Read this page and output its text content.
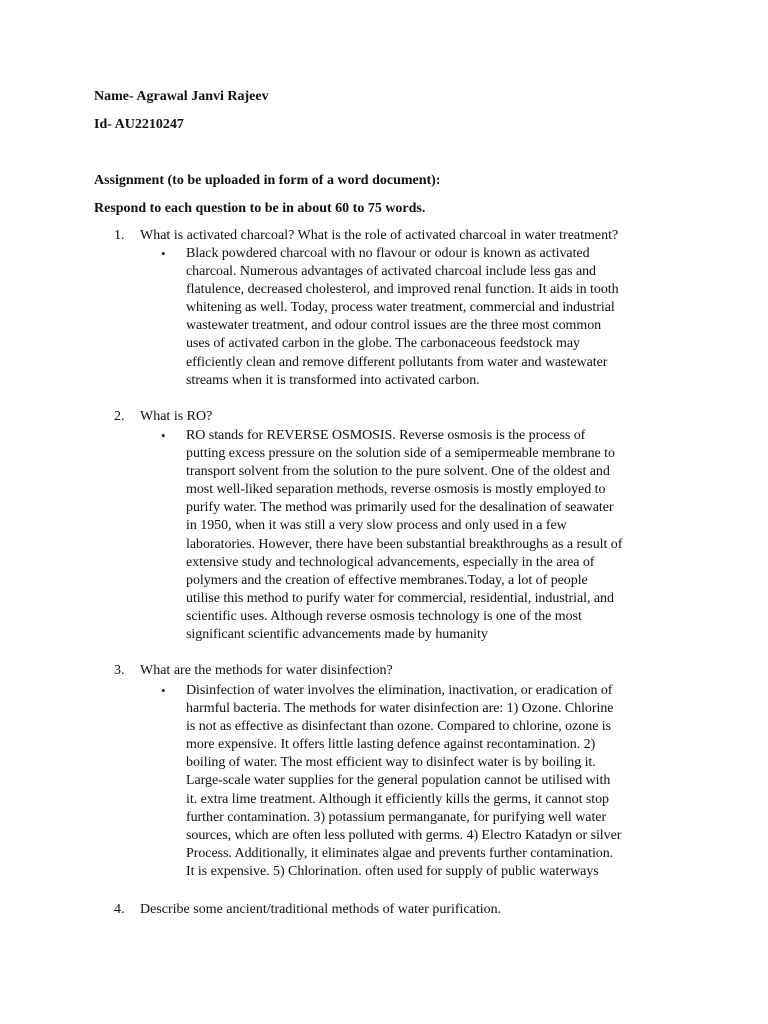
Name- Agrawal Janvi Rajeev
Id- AU2210247
Assignment (to be uploaded in form of a word document):
Respond to each question to be in about 60 to 75 words.
1. What is activated charcoal? What is the role of activated charcoal in water treatment?
• Black powdered charcoal with no flavour or odour is known as activated
charcoal. Numerous advantages of activated charcoal include less gas and
flatulence, decreased cholesterol, and improved renal function. It aids in tooth
whitening as well. Today, process water treatment, commercial and industrial
wastewater treatment, and odour control issues are the three most common
uses of activated carbon in the globe. The carbonaceous feedstock may
efficiently clean and remove different pollutants from water and wastewater
streams when it is transformed into activated carbon.
2. What is RO?
• RO stands for REVERSE OSMOSIS. Reverse osmosis is the process of
putting excess pressure on the solution side of a semipermeable membrane to
transport solvent from the solution to the pure solvent. One of the oldest and
most well-liked separation methods, reverse osmosis is mostly employed to
purify water. The method was primarily used for the desalination of seawater
in 1950, when it was still a very slow process and only used in a few
laboratories. However, there have been substantial breakthroughs as a result of
extensive study and technological advancements, especially in the area of
polymers and the creation of effective membranes.Today, a lot of people
utilise this method to purify water for commercial, residential, industrial, and
scientific uses. Although reverse osmosis technology is one of the most
significant scientific advancements made by humanity
3. What are the methods for water disinfection?
• Disinfection of water involves the elimination, inactivation, or eradication of
harmful bacteria. The methods for water disinfection are: 1) Ozone. Chlorine
is not as effective as disinfectant than ozone. Compared to chlorine, ozone is
more expensive. It offers little lasting defence against recontamination. 2)
boiling of water. The most efficient way to disinfect water is by boiling it.
Large-scale water supplies for the general population cannot be utilised with
it. extra lime treatment. Although it efficiently kills the germs, it cannot stop
further contamination. 3) potassium permanganate, for purifying well water
sources, which are often less polluted with germs. 4) Electro Katadyn or silver
Process. Additionally, it eliminates algae and prevents further contamination.
It is expensive. 5) Chlorination. often used for supply of public waterways
4. Describe some ancient/traditional methods of water purification.
